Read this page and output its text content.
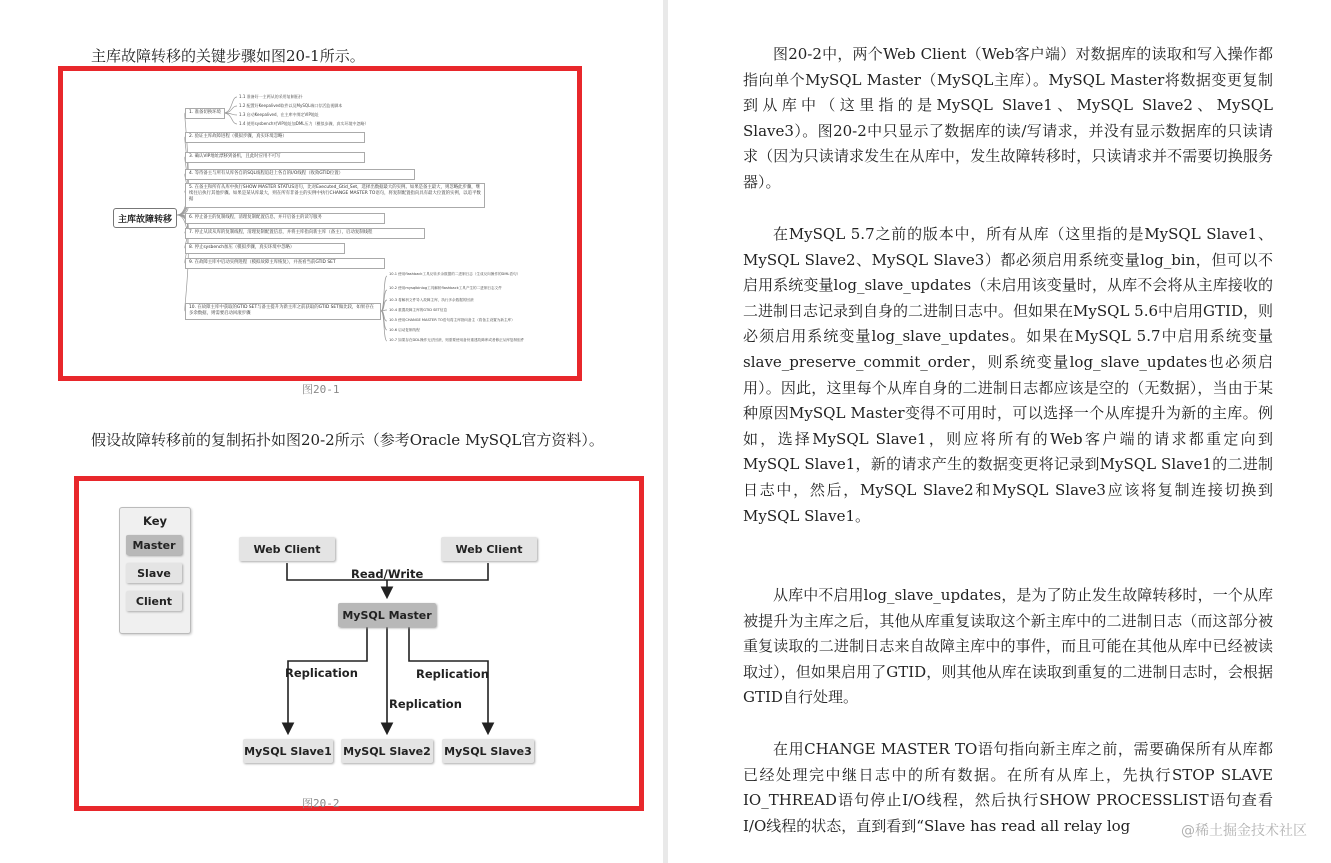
主库故障转移的关键步骤如图20-1所示。

主库故障转移
1. 准备切换环境
1.1 准备好一主两从的采用复制拓扑
1.2 配置好Keepalived软件以及MySQL端口存活监视脚本
1.3 启动Keepalived，在主库中绑定VIP地址
1.4 使用sysbench对VIP地址加DML压力（模拟步骤，真实环境中忽略）
2. 验证主库故障进程（模拟步骤，真实环境忽略）
3. 确认VIP地址漂移到备机，且此时应用不可写
4. 等待备主与所有从库各自的SQL线程追赶上各自的I/O线程（收敛GTID位置）
5. 在备主和所有从库中执行SHOW MASTER STATUS语句，比对Executed_Gtid_Set，选择出数据最大的实例。如果是备主最大，则忽略此步骤，继续往后执行其他步骤。如果是某从库最大，则在所有非备主的实例中执行CHANGE MASTER TO语句，将复制配置指向具有最大位置的实例，以追平数据
6. 停止备主的复制线程，清理复制配置信息，并开启备主的读写服务
7. 停止从读从库的复制线程，清理复制配置信息，并将主库指向新主库（备主），启动复制线程
8. 停止sysbench加压（模拟步骤，真实环境中忽略）
9. 在故障主库中启动实例进程（模拟故障主库恢复），并查看当前GTID SET
10. 在故障主库中获取的GTID SET与备主提升为新主库之前获取的GTID SET做比较，如果存在多余数据，则需要启动回滚步骤
10.1 使用flashback工具反转多余数据的二进制日志（生成反向操作的DML语句）
10.2 使用mysqlbinlog工具解析flashback工具产生的二进制日志文件
10.3 将解析文件导入故障主库，执行多余数据的回滚
10.4 重置故障主库的GTID SET信息
10.5 使用CHANGE MASTER TO语句将主库指向备主（将备主设置为新主库）
10.6 启动复制线程
10.7 如果存在DDL操作无法回滚，则需要使用备份重建故障库或者修正从库复制组件
图20-1

假设故障转移前的复制拓扑如图20-2所示（参考Oracle MySQL官方资料）。

Key
Master
Slave
Client
Web Client	Web Client
Read/Write
MySQL Master
Replication
Replication
Replication
MySQL Slave1 MySQL Slave2 MySQL Slave3
图20-2

图20-2中，两个Web Client（Web客户端）对数据库的读取和写入操作都指向单个MySQL Master（MySQL主库）。MySQL Master将数据变更复制到从库中（这里指的是MySQL Slave1、MySQL Slave2、MySQL Slave3）。图20-2中只显示了数据库的读/写请求，并没有显示数据库的只读请求（因为只读请求发生在从库中，发生故障转移时，只读请求并不需要切换服务器）。

在MySQL 5.7之前的版本中，所有从库（这里指的是MySQL Slave1、MySQL Slave2、MySQL Slave3）都必须启用系统变量log_bin，但可以不启用系统变量log_slave_updates（未启用该变量时，从库不会将从主库接收的二进制日志记录到自身的二进制日志中。但如果在MySQL 5.6中启用GTID，则必须启用系统变量log_slave_updates。如果在MySQL 5.7中启用系统变量slave_preserve_commit_order，则系统变量log_slave_updates也必须启用）。因此，这里每个从库自身的二进制日志都应该是空的（无数据），当由于某种原因MySQL Master变得不可用时，可以选择一个从库提升为新的主库。例如，选择MySQL Slave1，则应将所有的Web客户端的请求都重定向到MySQL Slave1，新的请求产生的数据变更将记录到MySQL Slave1的二进制日志中，然后，MySQL Slave2和MySQL Slave3应该将复制连接切换到MySQL Slave1。

从库中不启用log_slave_updates，是为了防止发生故障转移时，一个从库被提升为主库之后，其他从库重复读取这个新主库中的二进制日志（而这部分被重复读取的二进制日志来自故障主库中的事件，而且可能在其他从库中已经被读取过），但如果启用了GTID，则其他从库在读取到重复的二进制日志时，会根据GTID自行处理。

在用CHANGE MASTER TO语句指向新主库之前，需要确保所有从库都已经处理完中继日志中的所有数据。在所有从库上，先执行STOP SLAVE IO_THREAD语句停止I/O线程，然后执行SHOW PROCESSLIST语句查看I/O线程的状态，直到看到“Slave has read all relay log	@稀土掘金技术社区
